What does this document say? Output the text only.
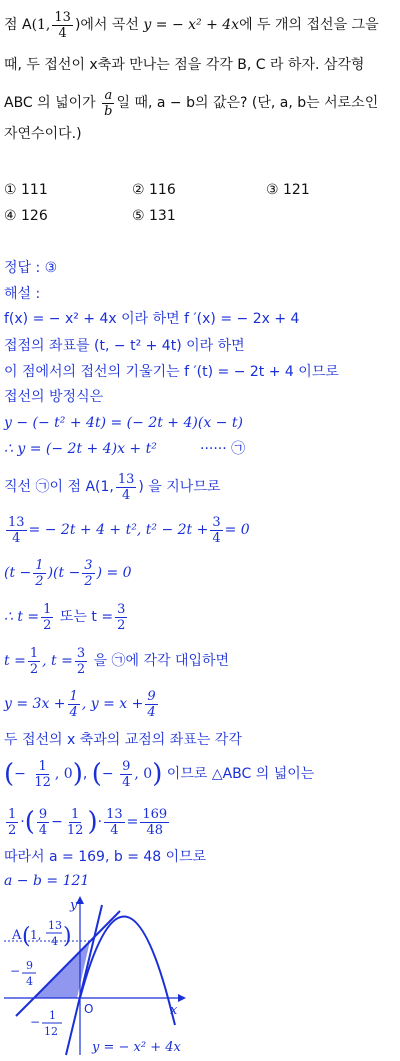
점 A(1, $\frac{13}{4}$ )에서 곡선 y = − x² + 4x에 두 개의 접선을 그을
때, 두 접선이 x축과 만나는 점을 각각 B, C 라 하자. 삼각형
ABC 의 넓이가 $\frac{a}{b}$ 일 때, a − b의 값은? (단, a, b는 서로소인
자연수이다.)
① 111	② 116	③ 121
④ 126	⑤ 131
정답 : ③
해설 :
f(x) = − x² + 4x 이라 하면 f ′(x) = − 2x + 4
접점의 좌표를 (t, − t² + 4t) 이라 하면
이 점에서의 접선의 기울기는 f ′(t) = − 2t + 4 이므로
접선의 방정식은
y − (− t² + 4t) = (− 2t + 4)(x − t)
∴ y = (− 2t + 4)x + t²	······ ㉠
직선 ㉠이 점 A(1, $\frac{13}{4}$ ) 을 지나므로
$\frac{13}{4}$ = − 2t + 4 + t², $t^2 - 2t + \frac{3}{4} = 0$
$(t - \frac{1}{2} )(t - \frac{3}{2}$ ) = 0
∴ $t = \frac{1}{2}$ 또는 $t = \frac{3}{2}$
$t = \frac{1}{2}$ , $t = \frac{3}{2}$ 을 ㉠에 각각 대입하면
$y = 3x + \frac{1}{4}$ , $y = x + \frac{9}{4}$
두 접선의 x 축과의 교점의 좌표는 각각
(− $\frac{1}{12}$ , 0), (− $\frac{9}{4}$ , 0) 이므로 △ABC 의 넓이는
$\frac{1}{2}$ ·( $\frac{9}{4} - \frac{1}{12}$ )· $\frac{13}{4} = \frac{169}{48}$
따라서 a = 169, b = 48 이므로
a − b = 121
y
x
O
A ( 1,
13
4 )
− 9
4
− 1
12
y = − x² + 4x
